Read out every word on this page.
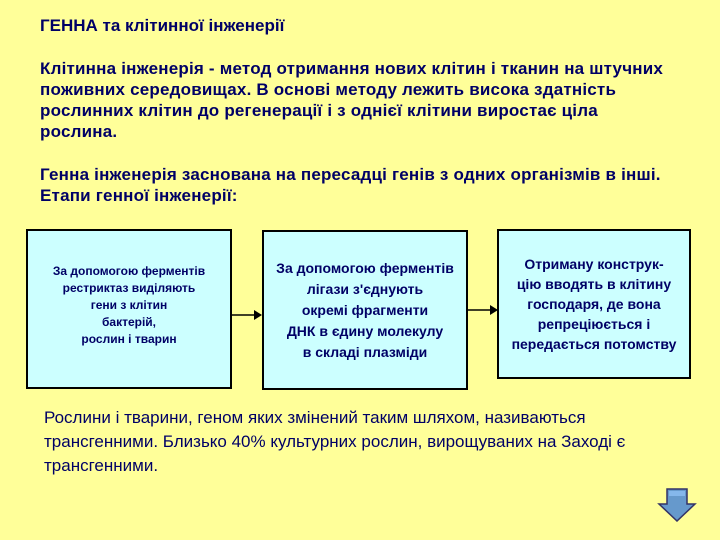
ГЕННА та клітинної інженерії
Клітинна інженерія - метод отримання нових клітин і тканин на штучних поживних середовищах. В основі методу лежить висока здатність рослинних клітин до регенерації і з однієї клітини виростає ціла рослина.
Генна інженерія заснована на пересадці генів з одних організмів в інші. Етапи генної інженерії:
За допомогою ферментів
рестриктаз виділяють
гени з клітин
бактерій,
рослин і тварин
За допомогою ферментів
лігази з'єднують
окремі фрагменти
ДНК в єдину молекулу
в складі плазміди
Отриману конструк-
цію вводять в клітину
господаря, де вона
репреціюється і
передається потомству
Рослини і тварини, геном яких змінений таким шляхом, називаються трансгенними. Близько 40% культурних рослин, вирощуваних на Заході є трансгенними.
